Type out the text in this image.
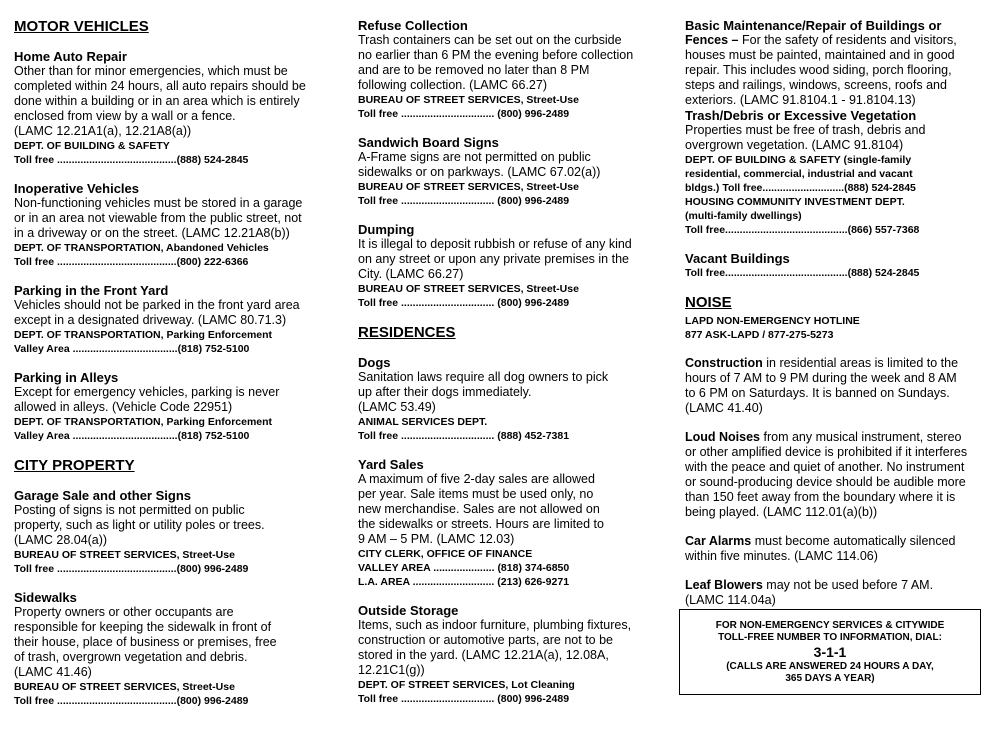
MOTOR VEHICLES
Home Auto Repair
Other than for minor emergencies, which must be
completed within 24 hours, all auto repairs should be
done within a building or in an area which is entirely
enclosed from view by a wall or a fence.
(LAMC 12.21A1(a), 12.21A8(a))
DEPT. OF BUILDING & SAFETY
Toll free .........................................(888) 524-2845
Inoperative Vehicles
Non-functioning vehicles must be stored in a garage
or in an area not viewable from the public street, not
in a driveway or on the street. (LAMC 12.21A8(b))
DEPT. OF TRANSPORTATION, Abandoned Vehicles
Toll free .........................................(800) 222-6366
Parking in the Front Yard
Vehicles should not be parked in the front yard area
except in a designated driveway. (LAMC 80.71.3)
DEPT. OF TRANSPORTATION, Parking Enforcement
Valley Area ....................................(818) 752-5100
Parking in Alleys
Except for emergency vehicles, parking is never
allowed in alleys. (Vehicle Code 22951)
DEPT. OF TRANSPORTATION, Parking Enforcement
Valley Area ....................................(818) 752-5100
CITY PROPERTY
Garage Sale and other Signs
Posting of signs is not permitted on public
property, such as light or utility poles or trees.
(LAMC 28.04(a))
BUREAU OF STREET SERVICES, Street-Use
Toll free .........................................(800) 996-2489
Sidewalks
Property owners or other occupants are
responsible for keeping the sidewalk in front of
their house, place of business or premises, free
of trash, overgrown vegetation and debris.
(LAMC 41.46)
BUREAU OF STREET SERVICES, Street-Use
Toll free .........................................(800) 996-2489
Refuse Collection
Trash containers can be set out on the curbside
no earlier than 6 PM the evening before collection
and are to be removed no later than 8 PM
following collection. (LAMC 66.27)
BUREAU OF STREET SERVICES, Street-Use
Toll free ................................ (800) 996-2489
Sandwich Board Signs
A-Frame signs are not permitted on public
sidewalks or on parkways. (LAMC 67.02(a))
BUREAU OF STREET SERVICES, Street-Use
Toll free ................................ (800) 996-2489
Dumping
It is illegal to deposit rubbish or refuse of any kind
on any street or upon any private premises in the
City. (LAMC 66.27)
BUREAU OF STREET SERVICES, Street-Use
Toll free ................................ (800) 996-2489
RESIDENCES
Dogs
Sanitation laws require all dog owners to pick
up after their dogs immediately.
(LAMC 53.49)
ANIMAL SERVICES DEPT.
Toll free ................................ (888) 452-7381
Yard Sales
A maximum of five 2-day sales are allowed
per year. Sale items must be used only, no
new merchandise. Sales are not allowed on
the sidewalks or streets. Hours are limited to
9 AM – 5 PM. (LAMC 12.03)
CITY CLERK, OFFICE OF FINANCE
VALLEY AREA ..................... (818) 374-6850
L.A. AREA ............................ (213) 626-9271
Outside Storage
Items, such as indoor furniture, plumbing fixtures,
construction or automotive parts, are not to be
stored in the yard. (LAMC 12.21A(a), 12.08A,
12.21C1(g))
DEPT. OF STREET SERVICES, Lot Cleaning
Toll free ................................ (800) 996-2489
Basic Maintenance/Repair of Buildings or
Fences – For the safety of residents and visitors,
houses must be painted, maintained and in good
repair. This includes wood siding, porch flooring,
steps and railings, windows, screens, roofs and
exteriors. (LAMC 91.8104.1 - 91.8104.13)
Trash/Debris or Excessive Vegetation
Properties must be free of trash, debris and
overgrown vegetation. (LAMC 91.8104)
DEPT. OF BUILDING & SAFETY (single-family
residential, commercial, industrial and vacant
bldgs.) Toll free............................(888) 524-2845
HOUSING COMMUNITY INVESTMENT DEPT.
(multi-family dwellings)
Toll free..........................................(866) 557-7368
Vacant Buildings
Toll free..........................................(888) 524-2845
NOISE
LAPD NON-EMERGENCY HOTLINE
877 ASK-LAPD / 877-275-5273
Construction in residential areas is limited to the
hours of 7 AM to 9 PM during the week and 8 AM
to 6 PM on Saturdays. It is banned on Sundays.
(LAMC 41.40)
Loud Noises from any musical instrument, stereo
or other amplified device is prohibited if it interferes
with the peace and quiet of another. No instrument
or sound-producing device should be audible more
than 150 feet away from the boundary where it is
being played. (LAMC 112.01(a)(b))
Car Alarms must become automatically silenced
within five minutes. (LAMC 114.06)
Leaf Blowers may not be used before 7 AM.
(LAMC 114.04a)
FOR NON-EMERGENCY SERVICES & CITYWIDE
TOLL-FREE NUMBER TO INFORMATION, DIAL:
3-1-1
(CALLS ARE ANSWERED 24 HOURS A DAY,
365 DAYS A YEAR)
